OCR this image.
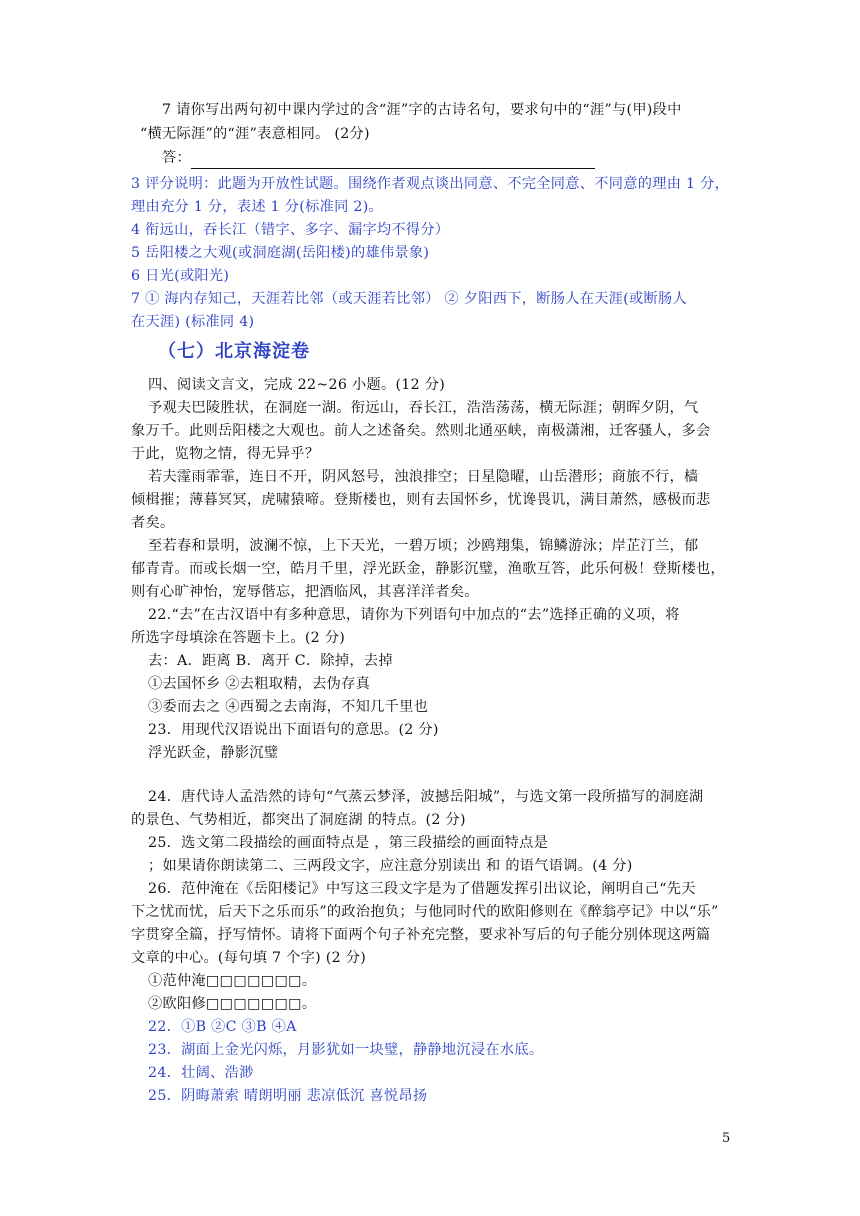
7 请你写出两句初中课内学过的含“涯”字的古诗名句，要求句中的“涯”与(甲)段中
“横无际涯”的“涯”表意相同。 (2分)
答：
3 评分说明：此题为开放性试题。围绕作者观点谈出同意、不完全同意、不同意的理由 1 分，
理由充分 1 分，表述 1 分(标准同 2)。
4 衔远山，吞长江（错字、多字、漏字均不得分）
5 岳阳楼之大观(或洞庭湖(岳阳楼)的雄伟景象)
6 日光(或阳光)
7 ① 海内存知己，天涯若比邻（或天涯若比邻） ② 夕阳西下，断肠人在天涯(或断肠人
在天涯) (标准同 4)
（七）北京海淀卷
四、阅读文言文，完成 22~26 小题。(12 分)
予观夫巴陵胜状，在洞庭一湖。衔远山，吞长江，浩浩荡荡，横无际涯；朝晖夕阴，气
象万千。此则岳阳楼之大观也。前人之述备矣。然则北通巫峡，南极潇湘，迁客骚人，多会
于此，览物之情，得无异乎？
若夫霪雨霏霏，连日不开，阴风怒号，浊浪排空；日星隐曜，山岳潜形；商旅不行，樯
倾楫摧；薄暮冥冥，虎啸猿啼。登斯楼也，则有去国怀乡，忧谗畏讥，满目萧然，感极而悲
者矣。
至若春和景明，波澜不惊，上下天光，一碧万顷；沙鸥翔集，锦鳞游泳；岸芷汀兰，郁
郁青青。而或长烟一空，皓月千里，浮光跃金，静影沉璧，渔歌互答，此乐何极！登斯楼也，
则有心旷神怡，宠辱偕忘，把酒临风，其喜洋洋者矣。
22.“去”在古汉语中有多种意思，请你为下列语句中加点的“去”选择正确的义项，将
所选字母填涂在答题卡上。(2 分)
去：A．距离 B．离开 C．除掉，去掉
①去国怀乡 ②去粗取精，去伪存真
③委而去之 ④西蜀之去南海，不知几千里也
23．用现代汉语说出下面语句的意思。(2 分)
浮光跃金，静影沉璧
24．唐代诗人孟浩然的诗句“气蒸云梦泽，波撼岳阳城”，与选文第一段所描写的洞庭湖
的景色、气势相近，都突出了洞庭湖 的特点。(2 分)
25．选文第二段描绘的画面特点是 ，第三段描绘的画面特点是
；如果请你朗读第二、三两段文字，应注意分别读出 和 的语气语调。(4 分)
26．范仲淹在《岳阳楼记》中写这三段文字是为了借题发挥引出议论，阐明自己“先天
下之忧而忧，后天下之乐而乐”的政治抱负；与他同时代的欧阳修则在《醉翁亭记》中以“乐”
字贯穿全篇，抒写情怀。请将下面两个句子补充完整，要求补写后的句子能分别体现这两篇
文章的中心。(每句填 7 个字) (2 分)
①范仲淹□□□□□□□。
②欧阳修□□□□□□□。
22．①B ②C ③B ④A
23．湖面上金光闪烁，月影犹如一块璧，静静地沉浸在水底。
24．壮阔、浩渺
25．阴晦萧索 晴朗明丽 悲凉低沉 喜悦昂扬
5
